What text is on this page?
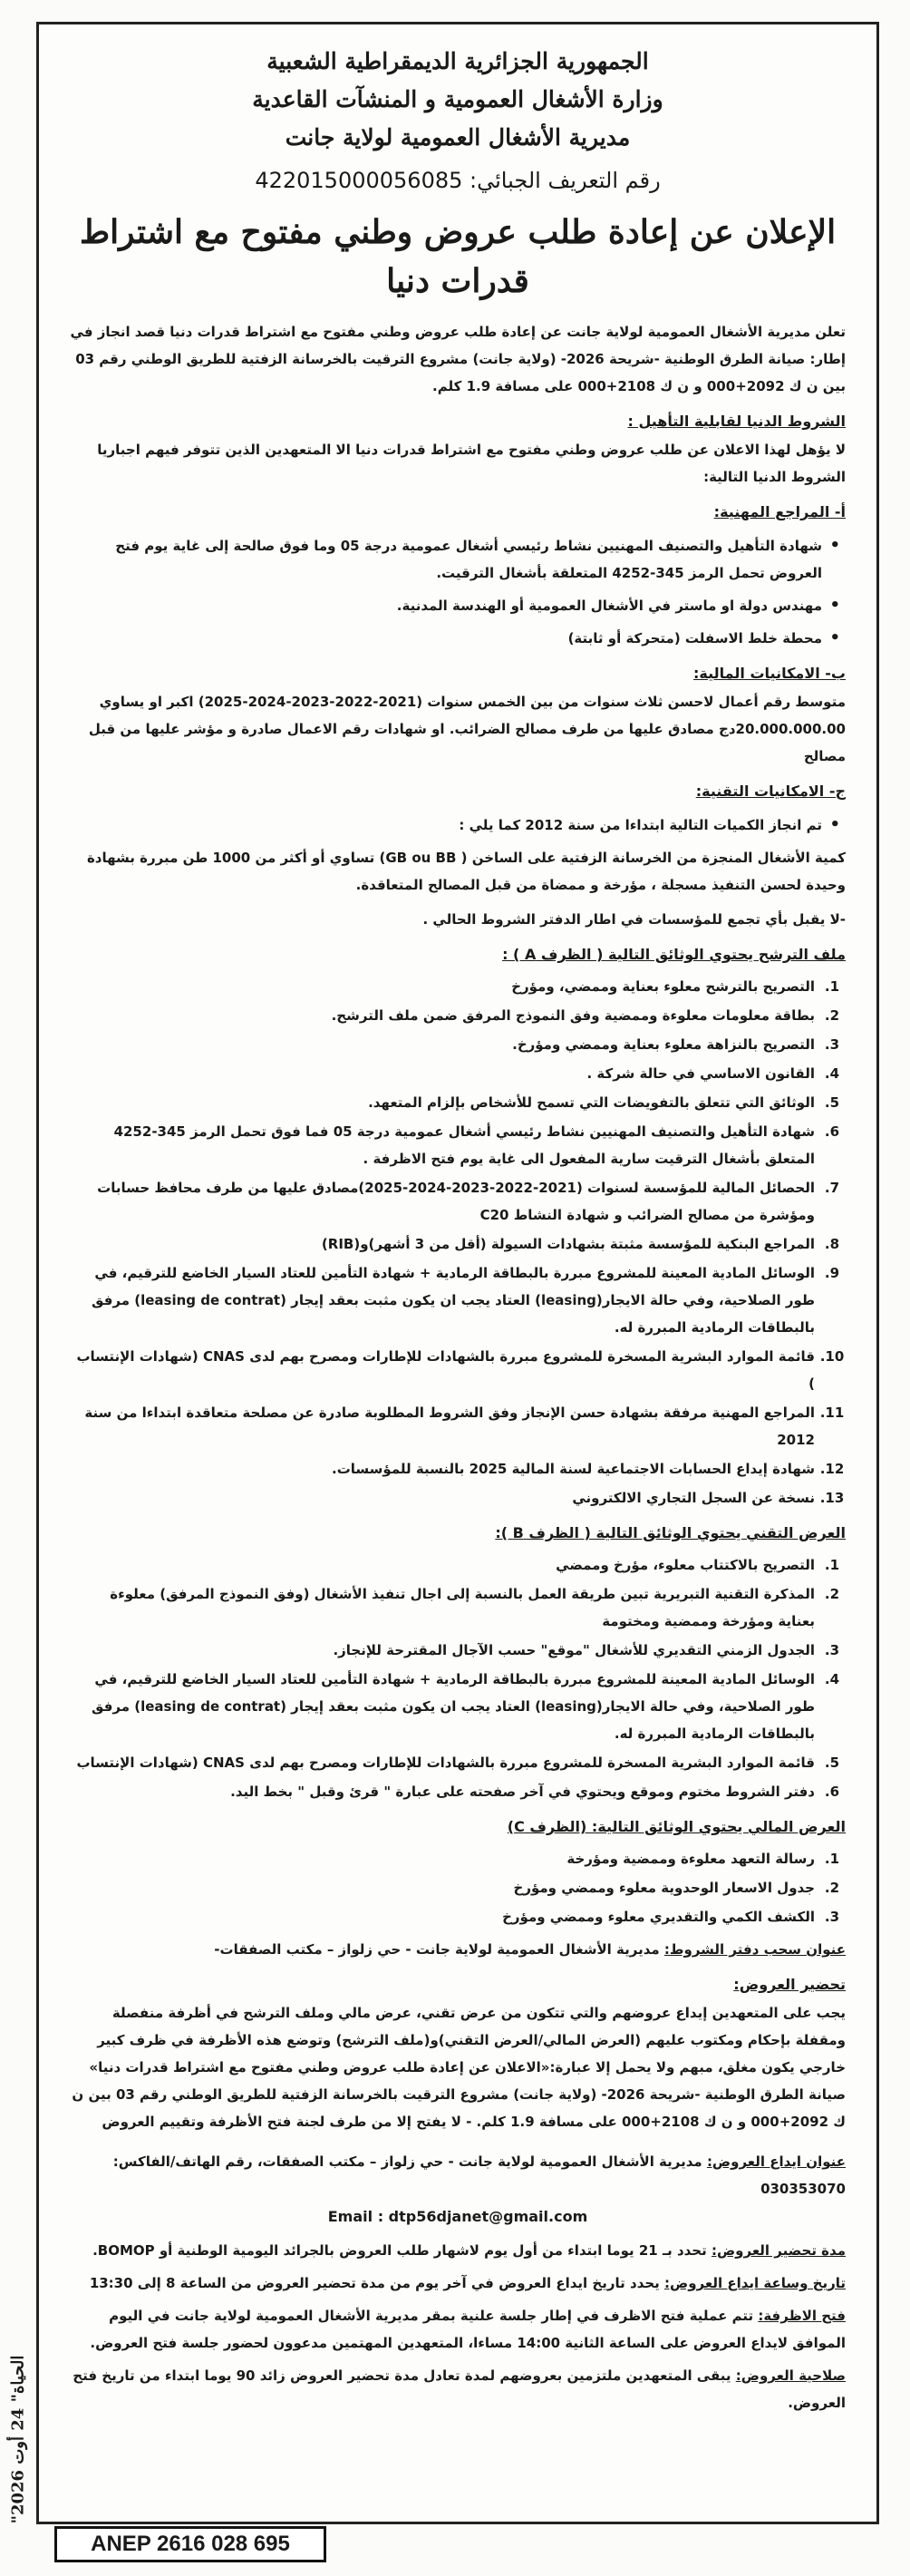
الجمهورية الجزائرية الديمقراطية الشعبية
وزارة الأشغال العمومية و المنشآت القاعدية
مديرية الأشغال العمومية لولاية جانت
رقم التعريف الجبائي: 422015000056085
الإعلان عن إعادة طلب عروض وطني مفتوح مع اشتراط قدرات دنيا

تعلن مديرية الأشغال العمومية لولاية جانت عن إعادة طلب عروض وطني مفتوح مع اشتراط قدرات دنيا قصد انجاز في إطار: صيانة الطرق الوطنية -شريحة 2026- (ولاية جانت) مشروع الترقيت بالخرسانة الزفتية للطريق الوطني رقم 03 بين ن ك 2092+000 و ن ك 2108+000 على مسافة 1.9 كلم.

الشروط الدنيا لقابلية التأهيل :

لا يؤهل لهذا الاعلان عن طلب عروض وطني مفتوح مع اشتراط قدرات دنيا الا المتعهدين الذين تتوفر فيهم اجباريا الشروط الدنيا التالية:

أ- المراجع المهنية:
• شهادة التأهيل والتصنيف المهنيين نشاط رئيسي أشغال عمومية درجة 05 وما فوق صالحة إلى غاية يوم فتح العروض تحمل الرمز 345-4252 المتعلقة بأشغال الترقيت.
• مهندس دولة او ماستر في الأشغال العمومية أو الهندسة المدنية.
• محطة خلط الاسفلت (متحركة أو ثابتة)
ب- الامكانيات المالية:

متوسط رقم أعمال لاحسن ثلاث سنوات من بين الخمس سنوات (2021-2022-2023-2024-2025) اكبر او يساوي 20.000.000.00دج مصادق عليها من طرف مصالح الضرائب. او شهادات رقم الاعمال صادرة و مؤشر عليها من قبل مصالح

ج- الامكانيات التقنية:
• تم انجاز الكميات التالية ابتداءا من سنة 2012 كما يلي :

كمية الأشغال المنجزة من الخرسانة الزفتية على الساخن ( GB ou BB) تساوي أو أكثر من 1000 طن مبررة بشهادة وحيدة لحسن التنفيذ مسجلة ، مؤرخة و ممضاة من قبل المصالح المتعاقدة.

-لا يقبل بأي تجمع للمؤسسات في اطار الدفتر الشروط الحالي .

ملف الترشح يحتوي الوثائق التالية ( الظرف A ) :
1.
التصريح بالترشح معلوء بعناية وممضي، ومؤرخ
2.
بطاقة معلومات معلوءة وممضية وفق النموذج المرفق ضمن ملف الترشح.
3.
التصريح بالنزاهة معلوء بعناية وممضي ومؤرخ.
4.
القانون الاساسي في حالة شركة .
5.
الوثائق التي تتعلق بالتفويضات التي تسمح للأشخاص بإلزام المتعهد.
6.
شهادة التأهيل والتصنيف المهنيين نشاط رئيسي أشغال عمومية درجة 05 فما فوق تحمل الرمز 345-4252 المتعلق بأشغال الترقيت سارية المفعول الى غاية يوم فتح الاظرفة .
7.
الحصائل المالية للمؤسسة لسنوات (2021-2022-2023-2024-2025)مصادق عليها من طرف محافظ حسابات ومؤشرة من مصالح الضرائب و شهادة النشاط C20
8.
المراجع البنكية للمؤسسة مثبتة بشهادات السيولة (أقل من 3 أشهر)و(RIB)
9.
الوسائل المادية المعينة للمشروع مبررة بالبطاقة الرمادية + شهادة التأمين للعتاد السيار الخاضع للترقيم، في طور الصلاحية، وفي حالة الايجار(leasing) العتاد يجب ان يكون مثبت بعقد إيجار (leasing de contrat) مرفق بالبطاقات الرمادية المبررة له.
10.
قائمة الموارد البشرية المسخرة للمشروع مبررة بالشهادات للإطارات ومصرح بهم لدى CNAS (شهادات الإنتساب )
11.
المراجع المهنية مرفقة بشهادة حسن الإنجاز وفق الشروط المطلوبة صادرة عن مصلحة متعاقدة ابتداءا من سنة 2012
12.
شهادة إيداع الحسابات الاجتماعية لسنة المالية 2025 بالنسبة للمؤسسات.
13.
نسخة عن السجل التجاري الالكتروني
العرض التقني يحتوي الوثائق التالية ( الظرف B ):
1.
التصريح بالاكتتاب معلوء، مؤرخ وممضي
2.
المذكرة التقنية التبريرية تبين طريقة العمل بالنسبة إلى اجال تنفيذ الأشغال (وفق النموذج المرفق) معلوءة بعناية ومؤرخة وممضية ومختومة
3.
الجدول الزمني التقديري للأشغال "موقع" حسب الآجال المقترحة للإنجاز.
4.
الوسائل المادية المعينة للمشروع مبررة بالبطاقة الرمادية + شهادة التأمين للعتاد السيار الخاضع للترقيم، في طور الصلاحية، وفي حالة الايجار(leasing) العتاد يجب ان يكون مثبت بعقد إيجار (leasing de contrat) مرفق بالبطاقات الرمادية المبررة له.
5.
قائمة الموارد البشرية المسخرة للمشروع مبررة بالشهادات للإطارات ومصرح بهم لدى CNAS (شهادات الإنتساب
6.
دفتر الشروط مختوم وموقع ويحتوي في آخر صفحته على عبارة " قرئ وقبل " بخط اليد.
العرض المالي يحتوي الوثائق التالية: (الظرف C)
1.
رسالة التعهد معلوءة وممضية ومؤرخة
2.
جدول الاسعار الوحدوية معلوء وممضي ومؤرخ
3.
الكشف الكمي والتقديري معلوء وممضي ومؤرخ
عنوان سحب دفتر الشروط: مديرية الأشغال العمومية لولاية جانت - حي زلواز – مكتب الصفقات-
تحضير العروض:

يجب على المتعهدين إيداع عروضهم والتي تتكون من عرض تقني، عرض مالي وملف الترشح في أظرفة منفصلة ومقفلة بإحكام ومكتوب عليهم (العرض المالي/العرض التقني)و(ملف الترشح) وتوضع هذه الأظرفة في ظرف كبير خارجي يكون مغلق، مبهم ولا يحمل إلا عبارة:«الاعلان عن إعادة طلب عروض وطني مفتوح مع اشتراط قدرات دنيا» صيانة الطرق الوطنية -شريحة 2026- (ولاية جانت) مشروع الترقيت بالخرسانة الزفتية للطريق الوطني رقم 03 بين ن ك 2092+000 و ن ك 2108+000 على مسافة 1.9 كلم. - لا يفتح إلا من طرف لجنة فتح الأظرفة وتقييم العروض

عنوان ايداع العروض: مديرية الأشغال العمومية لولاية جانت - حي زلواز – مكتب الصفقات، رقم الهاتف/الفاكس: 030353070
Email : dtp56djanet@gmail.com
مدة تحضير العروض: تحدد بـ 21 يوما ابتداء من أول يوم لاشهار طلب العروض بالجرائد اليومية الوطنية أو BOMOP.
تاريخ وساعة ايداع العروض: يحدد تاريخ ايداع العروض في آخر يوم من مدة تحضير العروض من الساعة 8 إلى 13:30
فتح الاظرفة: تتم عملية فتح الاظرف في إطار جلسة علنية بمقر مديرية الأشغال العمومية لولاية جانت في اليوم الموافق لايداع العروض على الساعة الثانية 14:00 مساءا، المتعهدين المهتمين مدعوون لحضور جلسة فتح العروض.
صلاحية العروض: يبقى المتعهدين ملتزمين بعروضهم لمدة تعادل مدة تحضير العروض زائد 90 يوما ابتداء من تاريخ فتح العروض.
"الحياة" 24 أوت 2026
ANEP 2616 028 695
